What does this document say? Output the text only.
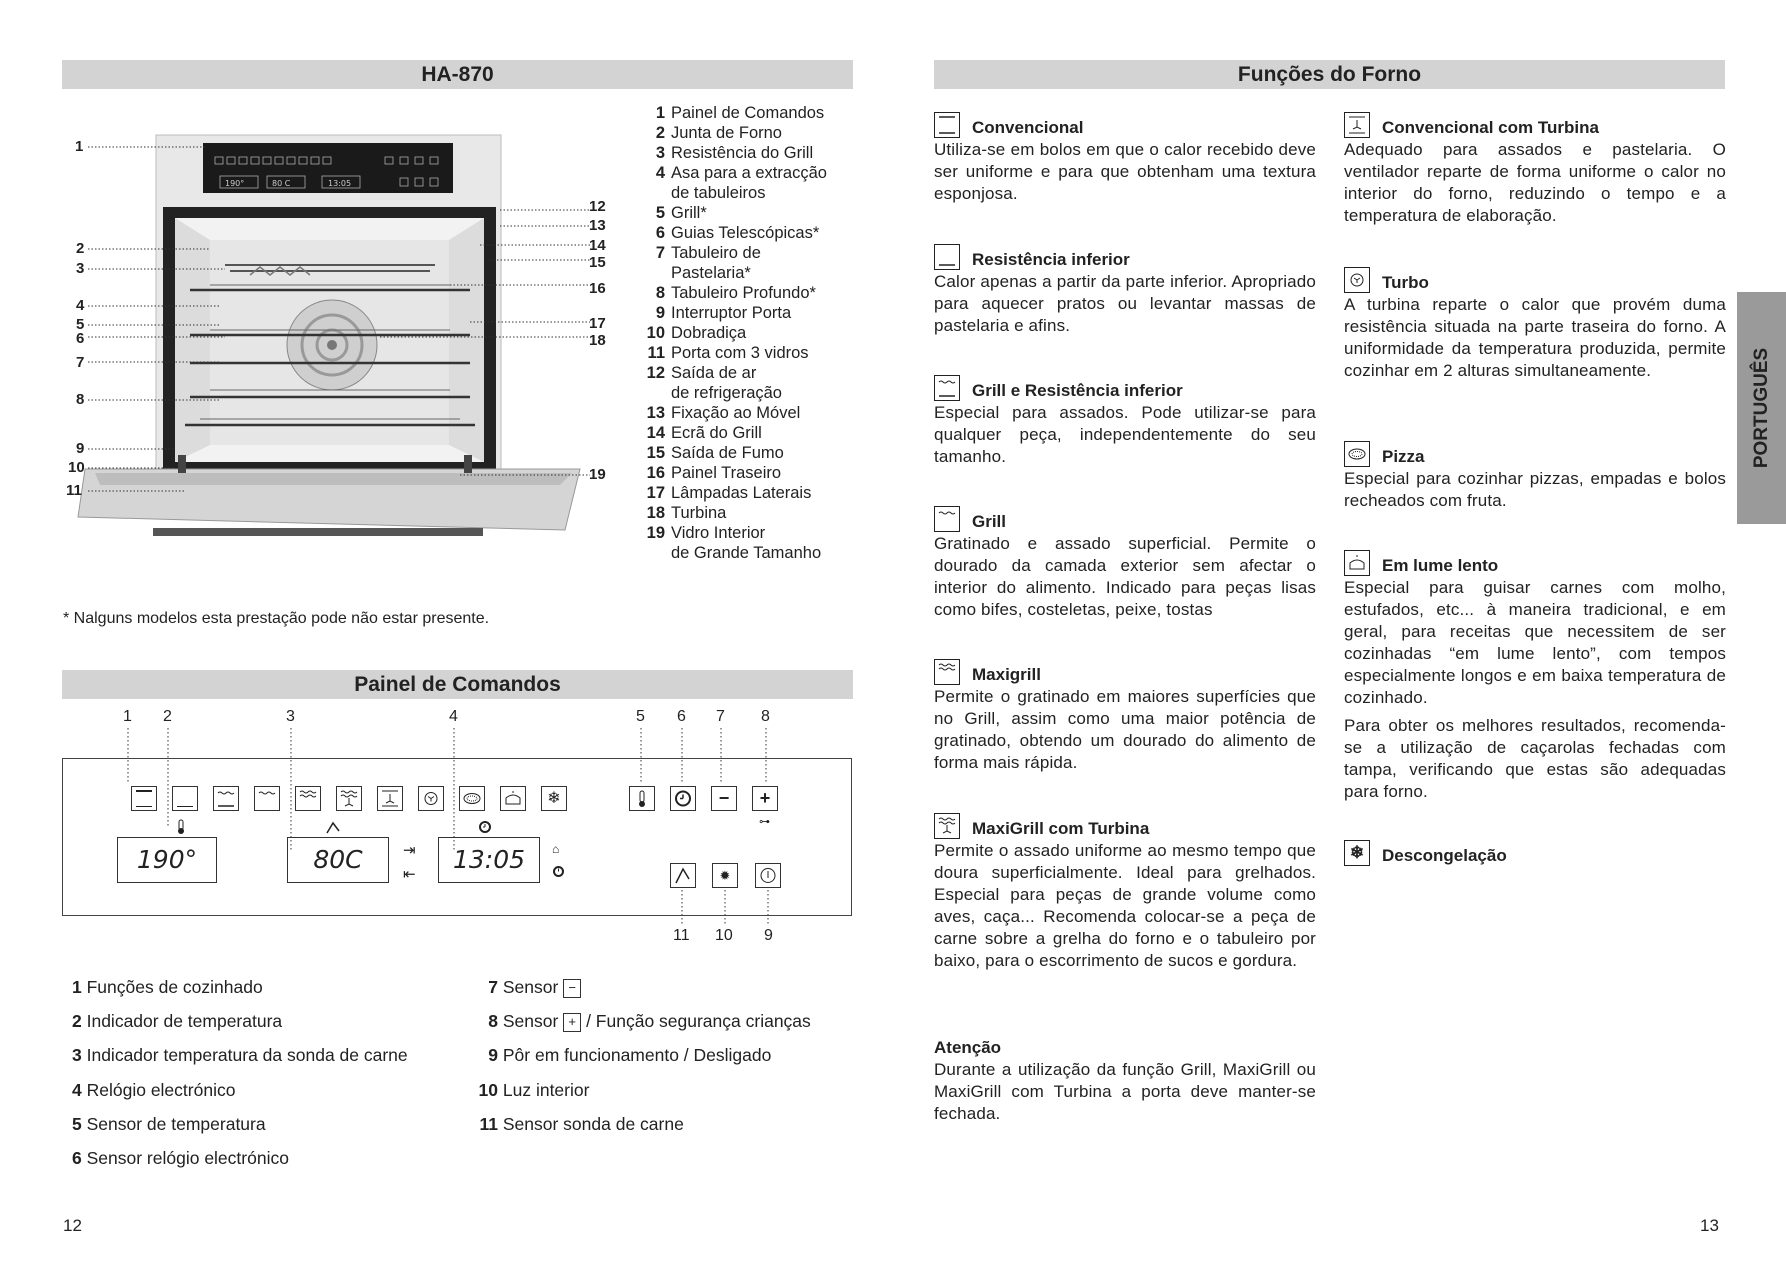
HA-870
190°	80 C	13:05
1
2
3
4
5
6
7
8
9
10
11
12
13
14
15
16
17
18
19
1 Painel de Comandos
2 Junta de Forno
3 Resistência do Grill
4 Asa para a extracção
de tabuleiros
5 Grill*
6 Guias Telescópicas*
7 Tabuleiro de
Pastelaria*
8 Tabuleiro Profundo*
9 Interruptor Porta
10 Dobradiça
11 Porta com 3 vidros
12 Saída de ar
de refrigeração
13 Fixação ao Móvel
14 Ecrã do Grill
15 Saída de Fumo
16 Painel Traseiro
17 Lâmpadas Laterais
18 Turbina
19 Vidro Interior
de Grande Tamanho
* Nalguns modelos esta prestação pode não estar presente.
Painel de Comandos
1 2	3	4	5 6 7 8
❄	−	+
⊶
190°	80C	13:05
⇥
⇤
⌂
✹
11 10 9
1 Funções de cozinhado
2 Indicador de temperatura
3 Indicador temperatura da sonda de carne
4 Relógio electrónico
5 Sensor de temperatura
6 Sensor relógio electrónico
7 Sensor −
8 Sensor + / Função segurança crianças
9 Pôr em funcionamento / Desligado
10 Luz interior
11 Sensor sonda de carne
12
Funções do Forno
PORTUGUÊS
Convencional
Utiliza-se em bolos em que o calor recebido deve ser uniforme e para que obtenham uma textura esponjosa.
Resistência inferior
Calor apenas a partir da parte inferior. Apropriado para aquecer pratos ou levantar massas de pastelaria e afins.
Grill e Resistência inferior
Especial para assados. Pode utilizar-se para qualquer peça, independentemente do seu tamanho.
Grill
Gratinado e assado superficial. Permite o dourado da camada exterior sem afectar o interior do alimento. Indicado para peças lisas como bifes, costeletas, peixe, tostas
Maxigrill
Permite o gratinado em maiores superfícies que no Grill, assim como uma maior potência de gratinado, obtendo um dourado do alimento de forma mais rápida.
MaxiGrill com Turbina
Permite o assado uniforme ao mesmo tempo que doura superficialmente. Ideal para grelhados. Especial para peças de grande volume como aves, caça... Recomenda colocar-se a peça de carne sobre a grelha do forno e o tabuleiro por baixo, para o escorrimento de sucos e gordura.
Convencional com Turbina
Adequado para assados e pastelaria. O ventilador reparte de forma uniforme o calor no interior do forno, reduzindo o tempo e a temperatura de elaboração.
Turbo
A turbina reparte o calor que provém duma resistência situada na parte traseira do forno. A uniformidade da temperatura produzida, permite cozinhar em 2 alturas simultaneamente.
Pizza
Especial para cozinhar pizzas, empadas e bolos recheados com fruta.
Em lume lento
Especial para guisar carnes com molho, estufados, etc... à maneira tradicional, e em geral, para receitas que necessitem de ser cozinhadas “em lume lento”, com tempos especialmente longos e em baixa temperatura de cozinhado.
Para obter os melhores resultados, recomenda-se a utilização de caçarolas fechadas com tampa, verificando que estas são adequadas para forno.
❄ Descongelação
Atenção
Durante a utilização da função Grill, MaxiGrill ou MaxiGrill com Turbina a porta deve manter-se fechada.
13
